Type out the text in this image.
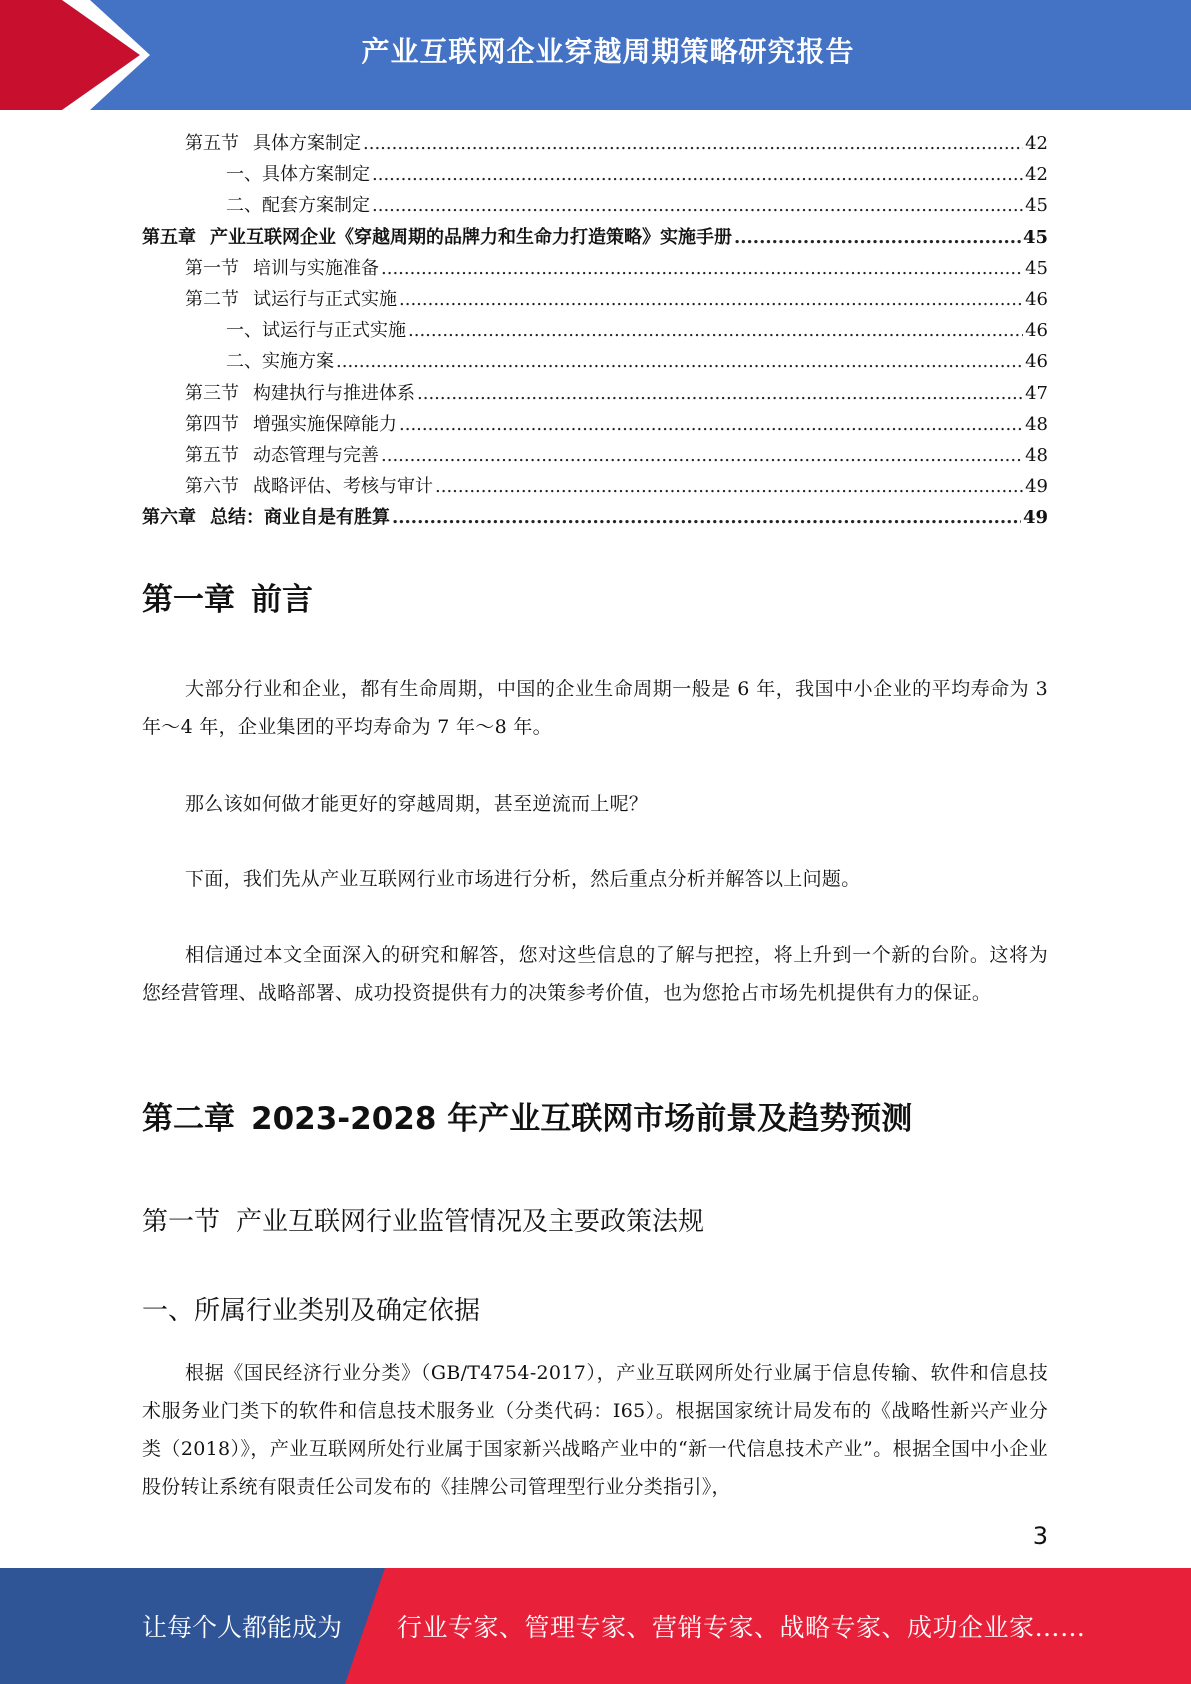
产业互联网企业穿越周期策略研究报告
第五节 具体方案制定 .....	42
一、具体方案制定 .....	42
二、配套方案制定 .....	45
第五章 产业互联网企业《穿越周期的品牌力和生命力打造策略》实施手册 .....	45
第一节 培训与实施准备 .....	45
第二节 试运行与正式实施 .....	46
一、试运行与正式实施 .....	46
二、实施方案 .....	46
第三节 构建执行与推进体系 .....	47
第四节 增强实施保障能力 .....	48
第五节 动态管理与完善 .....	48
第六节 战略评估、考核与审计 .....	49
第六章 总结：商业自是有胜算 .....	49
第一章 前言

大部分行业和企业，都有生命周期，中国的企业生命周期一般是 6 年，我国中小企业的平均寿命为 3 年～4 年，企业集团的平均寿命为 7 年～8 年。

那么该如何做才能更好的穿越周期，甚至逆流而上呢？

下面，我们先从产业互联网行业市场进行分析，然后重点分析并解答以上问题。

相信通过本文全面深入的研究和解答，您对这些信息的了解与把控，将上升到一个新的台阶。这将为您经营管理、战略部署、成功投资提供有力的决策参考价值，也为您抢占市场先机提供有力的保证。

第二章 2023-2028 年产业互联网市场前景及趋势预测
第一节 产业互联网行业监管情况及主要政策法规
一、所属行业类别及确定依据

根据《国民经济行业分类》（GB/T4754-2017），产业互联网所处行业属于信息传输、软件和信息技术服务业门类下的软件和信息技术服务业（分类代码：I65）。根据国家统计局发布的《战略性新兴产业分类（2018）》，产业互联网所处行业属于国家新兴战略产业中的“新一代信息技术产业”。根据全国中小企业股份转让系统有限责任公司发布的《挂牌公司管理型行业分类指引》，

3
让每个人都能成为 行业专家、管理专家、营销专家、战略专家、成功企业家……
